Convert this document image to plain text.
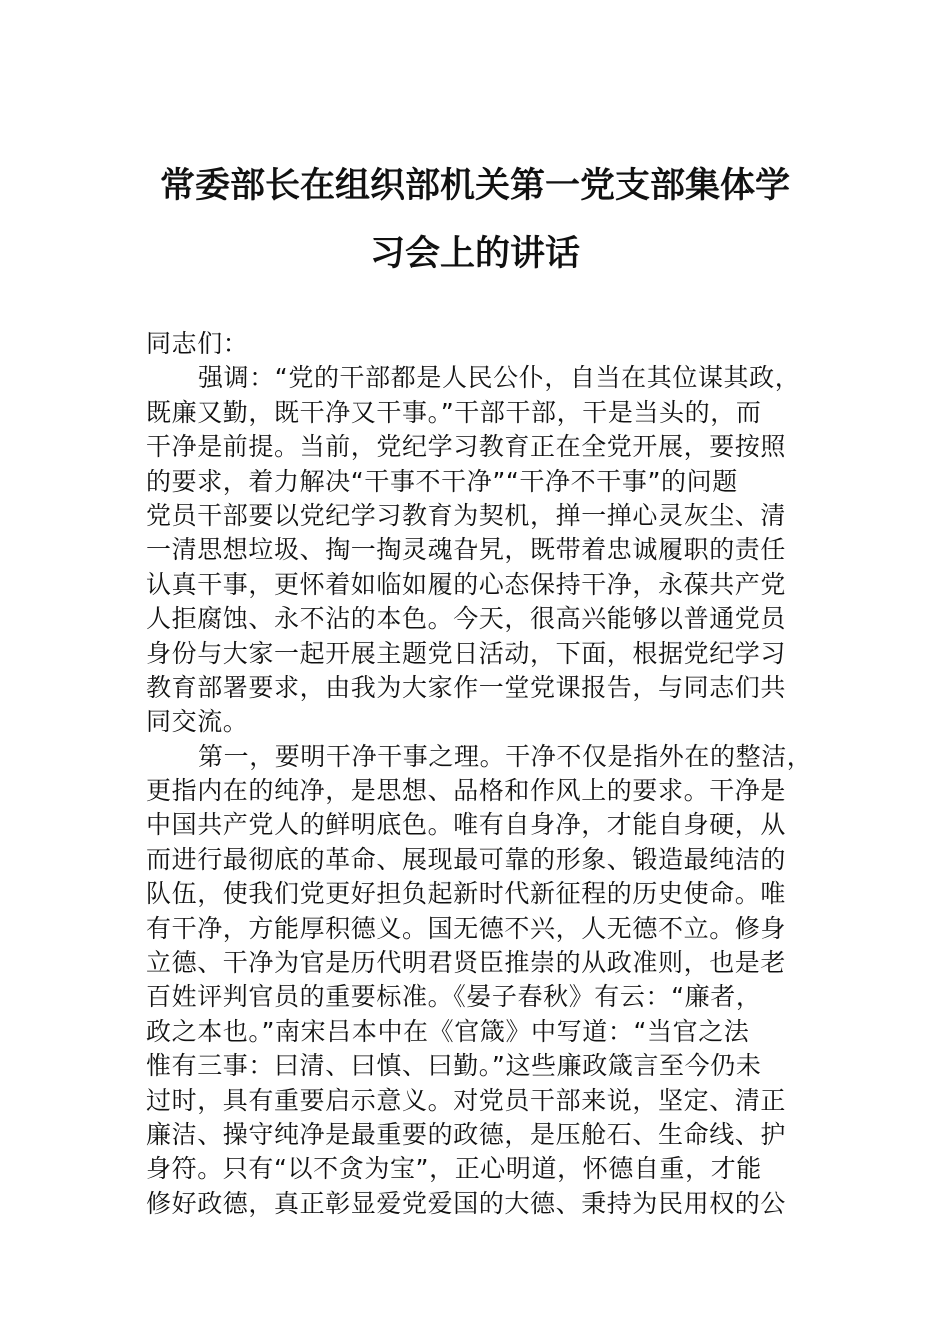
常委部长在组织部机关第一党支部集体学
习会上的讲话
同志们：
强调：“党的干部都是人民公仆，自当在其位谋其政，
既廉又勤，既干净又干事。”干部干部，干是当头的，而
干净是前提。当前，党纪学习教育正在全党开展，要按照
的要求，着力解决“干事不干净”“干净不干事”的问题
党员干部要以党纪学习教育为契机，掸一掸心灵灰尘、清
一清思想垃圾、掏一掏灵魂旮旯，既带着忠诚履职的责任
认真干事，更怀着如临如履的心态保持干净，永葆共产党
人拒腐蚀、永不沾的本色。今天，很高兴能够以普通党员
身份与大家一起开展主题党日活动，下面，根据党纪学习
教育部署要求，由我为大家作一堂党课报告，与同志们共
同交流。
第一，要明干净干事之理。干净不仅是指外在的整洁，
更指内在的纯净，是思想、品格和作风上的要求。干净是
中国共产党人的鲜明底色。唯有自身净，才能自身硬，从
而进行最彻底的革命、展现最可靠的形象、锻造最纯洁的
队伍，使我们党更好担负起新时代新征程的历史使命。唯
有干净，方能厚积德义。国无德不兴，人无德不立。修身
立德、干净为官是历代明君贤臣推崇的从政准则，也是老
百姓评判官员的重要标准。《晏子春秋》有云：“廉者，
政之本也。”南宋吕本中在《官箴》中写道：“当官之法
惟有三事：曰清、曰慎、曰勤。”这些廉政箴言至今仍未
过时，具有重要启示意义。对党员干部来说，坚定、清正
廉洁、操守纯净是最重要的政德，是压舱石、生命线、护
身符。只有“以不贪为宝”，正心明道，怀德自重，才能
修好政德，真正彰显爱党爱国的大德、秉持为民用权的公
